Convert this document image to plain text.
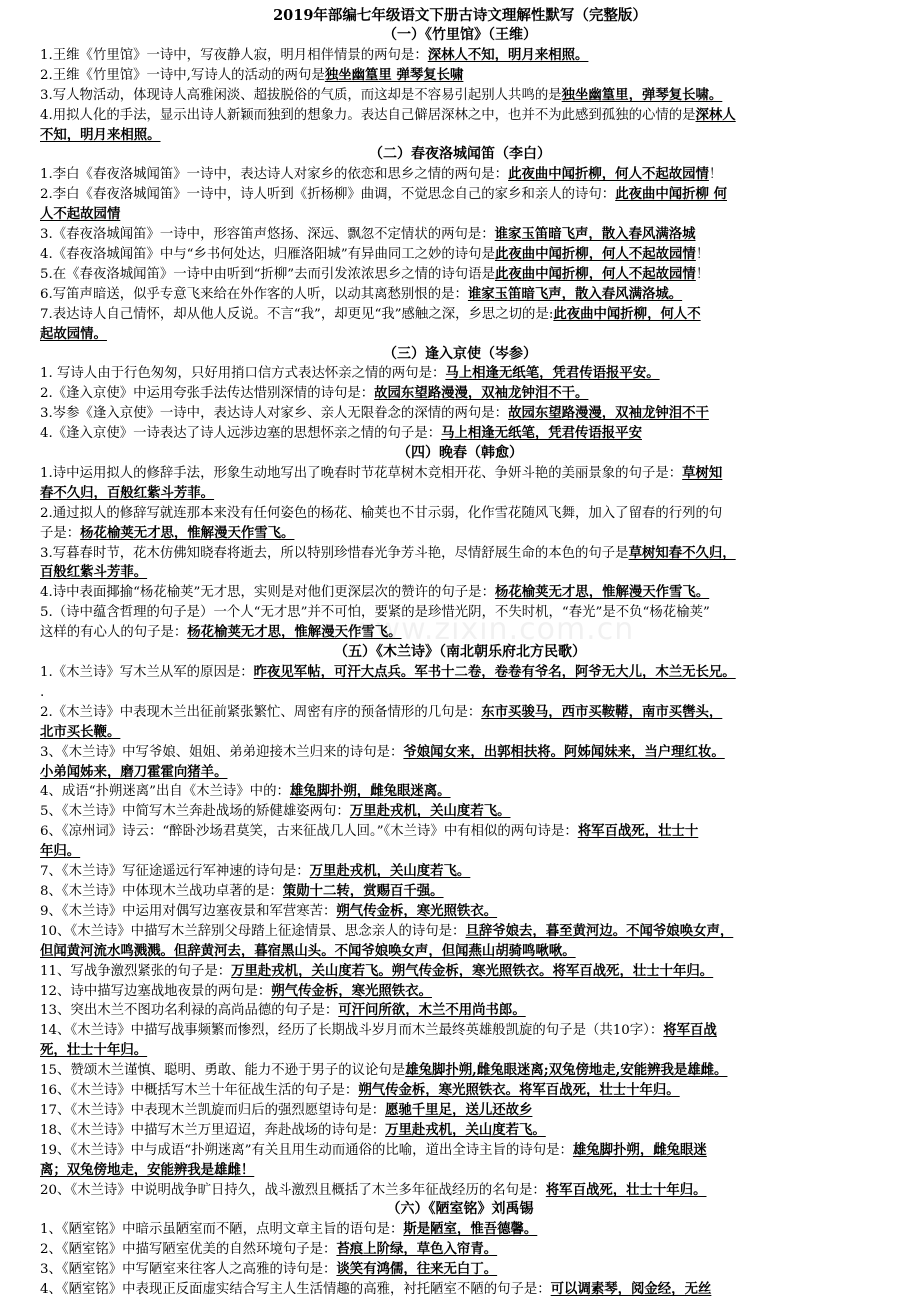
www.zixin.com.cn
2019年部编七年级语文下册古诗文理解性默写（完整版）
（一）《竹里馆》（王维）
1.王维《竹里馆》一诗中，写夜静人寂，明月相伴情景的两句是：深林人不知，明月来相照。
2.王维《竹里馆》一诗中,写诗人的活动的两句是独坐幽篁里 弹琴复长啸
3.写人物活动，体现诗人高雅闲淡、超拔脱俗的气质，而这却是不容易引起别人共鸣的是独坐幽篁里，弹琴复长啸。
4.用拟人化的手法，显示出诗人新颖而独到的想象力。表达自己僻居深林之中，也并不为此感到孤独的心情的是深林人
不知，明月来相照。
（二）春夜洛城闻笛（李白）
1.李白《春夜洛城闻笛》一诗中，表达诗人对家乡的依恋和思乡之情的两句是：此夜曲中闻折柳，何人不起故园情！
2.李白《春夜洛城闻笛》一诗中，诗人听到《折杨柳》曲调，不觉思念自己的家乡和亲人的诗句：此夜曲中闻折柳 何
人不起故园情
3.《春夜洛城闻笛》一诗中，形容笛声悠扬、深远、飘忽不定情状的两句是：谁家玉笛暗飞声，散入春风满洛城
4.《春夜洛城闻笛》中与“乡书何处达，归雁洛阳城”有异曲同工之妙的诗句是此夜曲中闻折柳，何人不起故园情！
5.在《春夜洛城闻笛》一诗中由听到“折柳”去而引发浓浓思乡之情的诗句语是此夜曲中闻折柳，何人不起故园情！
6.写笛声暗送，似乎专意飞来给在外作客的人听，以动其离愁别恨的是：谁家玉笛暗飞声，散入春风满洛城。
7.表达诗人自己情怀，却从他人反说。不言“我”，却更见“我”感触之深，乡思之切的是:此夜曲中闻折柳，何人不
起故园情。
（三）逢入京使（岑参）
1. 写诗人由于行色匆匆，只好用捎口信方式表达怀亲之情的两句是：马上相逢无纸笔，凭君传语报平安。
2.《逢入京使》中运用夸张手法传达惜别深情的诗句是：故园东望路漫漫，双袖龙钟泪不干。
3.岑参《逢入京使》一诗中，表达诗人对家乡、亲人无限眷念的深情的两句是：故园东望路漫漫，双袖龙钟泪不干
4.《逢入京使》一诗表达了诗人远涉边塞的思想怀亲之情的句子是：马上相逢无纸笔，凭君传语报平安
（四）晚春（韩愈）
1.诗中运用拟人的修辞手法，形象生动地写出了晚春时节花草树木竞相开花、争妍斗艳的美丽景象的句子是：草树知
春不久归，百般红紫斗芳菲。
2.通过拟人的修辞写就连那本来没有任何姿色的杨花、榆荚也不甘示弱，化作雪花随风飞舞，加入了留春的行列的句
子是：杨花榆荚无才思，惟解漫天作雪飞。
3.写暮春时节，花木仿佛知晓春将逝去，所以特别珍惜春光争芳斗艳，尽情舒展生命的本色的句子是草树知春不久归，
百般红紫斗芳菲。
4.诗中表面揶揄“杨花榆荚”无才思，实则是对他们更深层次的赞许的句子是：杨花榆荚无才思，惟解漫天作雪飞。
5.（诗中蕴含哲理的句子是）一个人“无才思”并不可怕，要紧的是珍惜光阴，不失时机，“春光”是不负“杨花榆荚”
这样的有心人的句子是：杨花榆荚无才思，惟解漫天作雪飞。
（五）《木兰诗》（南北朝乐府北方民歌）
1.《木兰诗》写木兰从军的原因是：昨夜见军帖，可汗大点兵。军书十二卷，卷卷有爷名，阿爷无大儿，木兰无长兄。
.
2.《木兰诗》中表现木兰出征前紧张繁忙、周密有序的预备情形的几句是：东市买骏马，西市买鞍鞯，南市买辔头，
北市买长鞭。
3、《木兰诗》中写爷娘、姐姐、弟弟迎接木兰归来的诗句是：爷娘闻女来，出郭相扶将。阿姊闻妹来，当户理红妆。
小弟闻姊来，磨刀霍霍向猪羊。
4、成语“扑朔迷离”出自《木兰诗》中的：雄兔脚扑朔，雌兔眼迷离。
5、《木兰诗》中简写木兰奔赴战场的矫健雄姿两句：万里赴戎机，关山度若飞。
6、《凉州词》诗云：“醉卧沙场君莫笑，古来征战几人回。”《木兰诗》中有相似的两句诗是：将军百战死，壮士十
年归。
7、《木兰诗》写征途遥远行军神速的诗句是：万里赴戎机，关山度若飞。
8、《木兰诗》中体现木兰战功卓著的是：策勋十二转，赏赐百千强。
9、《木兰诗》中运用对偶写边塞夜景和军营寒苦：朔气传金柝，寒光照铁衣。
10、《木兰诗》中描写木兰辞别父母踏上征途情景、思念亲人的诗句是：旦辞爷娘去，暮至黄河边。不闻爷娘唤女声，
但闻黄河流水鸣溅溅。但辞黄河去，暮宿黑山头。不闻爷娘唤女声，但闻燕山胡骑鸣啾啾。
11、写战争激烈紧张的句子是：万里赴戎机，关山度若飞。朔气传金柝，寒光照铁衣。将军百战死，壮士十年归。
12、诗中描写边塞战地夜景的两句是：朔气传金柝，寒光照铁衣。
13、突出木兰不图功名利禄的高尚品德的句子是：可汗问所欲，木兰不用尚书郎。
14、《木兰诗》中描写战事频繁而惨烈，经历了长期战斗岁月而木兰最终英雄般凯旋的句子是（共10字）：将军百战
死，壮士十年归。
15、赞颂木兰谨慎、聪明、勇敢、能力不逊于男子的议论句是雄兔脚扑朔,雌兔眼迷离;双兔傍地走,安能辨我是雄雌。
16、《木兰诗》中概括写木兰十年征战生活的句子是：朔气传金柝，寒光照铁衣。将军百战死，壮士十年归。
17、《木兰诗》中表现木兰凯旋而归后的强烈愿望诗句是：愿驰千里足，送儿还故乡
18、《木兰诗》中描写木兰万里迢迢，奔赴战场的诗句是：万里赴戎机，关山度若飞。
19、《木兰诗》中与成语“扑朔迷离”有关且用生动而通俗的比喻，道出全诗主旨的诗句是：雄兔脚扑朔，雌兔眼迷
离；双兔傍地走，安能辨我是雄雌！
20、《木兰诗》中说明战争旷日持久，战斗激烈且概括了木兰多年征战经历的名句是：将军百战死，壮士十年归。
（六）《陋室铭》刘禹锡
1、《陋室铭》中暗示虽陋室而不陋，点明文章主旨的语句是：斯是陋室，惟吾德馨。
2、《陋室铭》中描写陋室优美的自然环境句子是：苔痕上阶绿，草色入帘青。
3、《陋室铭》中写陋室来往客人之高雅的诗句是：谈笑有鸿儒，往来无白丁。
4、《陋室铭》中表现正反面虚实结合写主人生活情趣的高雅，衬托陋室不陋的句子是：可以调素琴，阅金经，无丝
